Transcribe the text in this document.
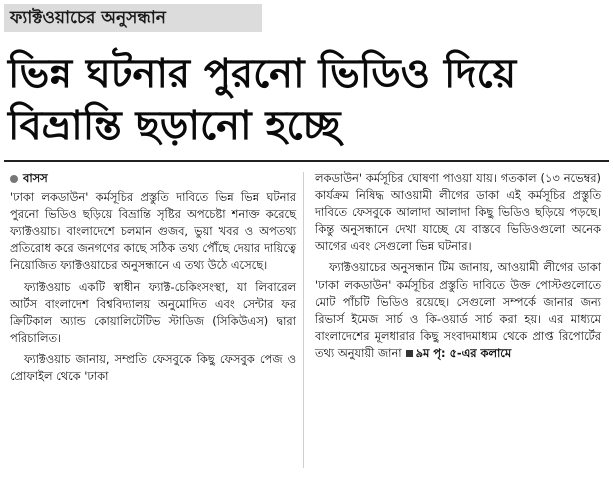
ফ্যাক্টওয়াচের অনুসন্ধান
ভিন্ন ঘটনার পুরনো ভিডিও দিয়ে
বিভ্রান্তি ছড়ানো হচ্ছে
বাসস

'ঢাকা লকডাউন' কর্মসূচির প্রস্তুতি দাবিতে ভিন্ন ভিন্ন ঘটনার পুরনো ভিডিও ছড়িয়ে বিভ্রান্তি সৃষ্টির অপচেষ্টা শনাক্ত করেছে ফ্যাক্টওয়াচ। বাংলাদেশে চলমান গুজব, ভুয়া খবর ও অপতথ্য প্রতিরোধ করে জনগণের কাছে সঠিক তথ্য পৌঁছে দেয়ার দায়িত্বে নিয়োজিত ফ্যাক্টওয়াচের অনুসন্ধানে এ তথ্য উঠে এসেছে।

ফ্যাক্টওয়াচ একটি স্বাধীন ফ্যাক্ট-চেকিংসংস্থা, যা লিবারেল আর্টস বাংলাদেশ বিশ্ববিদ্যালয় অনুমোদিত এবং সেন্টার ফর ক্রিটিকাল অ্যান্ড কোয়ালিটেটিভ স্টাডিজ (সিকিউএস) দ্বারা পরিচালিত।

ফ্যাক্টওয়াচ জানায়, সম্প্রতি ফেসবুকে কিছু ফেসবুক পেজ ও প্রোফাইল থেকে 'ঢাকা

লকডাউন' কর্মসূচির ঘোষণা পাওয়া যায়। গতকাল (১৩ নভেম্বর) কার্যক্রম নিষিদ্ধ আওয়ামী লীগের ডাকা এই কর্মসূচির প্রস্তুতি দাবিতে ফেসবুকে আলাদা আলাদা কিছু ভিডিও ছড়িয়ে পড়ছে। কিন্তু অনুসন্ধানে দেখা যাচ্ছে যে বাস্তবে ভিডিওগুলো অনেক আগের এবং সেগুলো ভিন্ন ঘটনার।

ফ্যাক্টওয়াচের অনুসন্ধান টিম জানায়, আওয়ামী লীগের ডাকা 'ঢাকা লকডাউন' কর্মসূচির প্রস্তুতি দাবিতে উক্ত পোস্টগুলোতে মোট পাঁচটি ভিডিও রয়েছে। সেগুলো সম্পর্কে জানার জন্য রিভার্স ইমেজ সার্চ ও কি-ওয়ার্ড সার্চ করা হয়। এর মাধ্যমে বাংলাদেশের মূলধারার কিছু সংবাদমাধ্যম থেকে প্রাপ্ত রিপোর্টের তথ্য অনুযায়ী জানা ৯ম পৃ: ৫-এর কলামে
